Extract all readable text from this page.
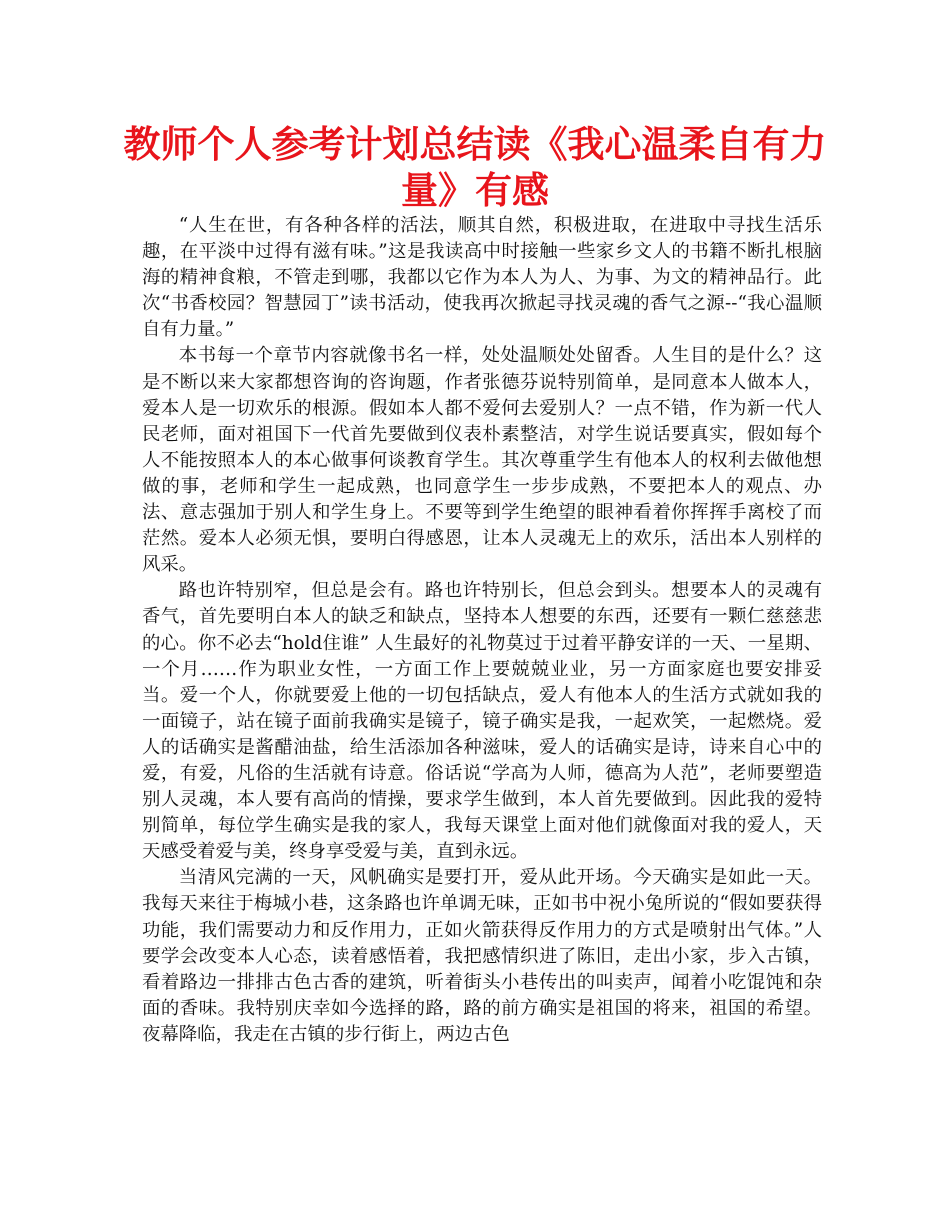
教师个人参考计划总结读《我心温柔自有力量》有感

“人生在世，有各种各样的活法，顺其自然，积极进取，在进取中寻找生活乐趣，在平淡中过得有滋有味。”这是我读高中时接触一些家乡文人的书籍不断扎根脑海的精神食粮，不管走到哪，我都以它作为本人为人、为事、为文的精神品行。此次“书香校园？智慧园丁”读书活动，使我再次掀起寻找灵魂的香气之源--“我心温顺自有力量。”

本书每一个章节内容就像书名一样，处处温顺处处留香。人生目的是什么？这是不断以来大家都想咨询的咨询题，作者张德芬说特别简单，是同意本人做本人，爱本人是一切欢乐的根源。假如本人都不爱何去爱别人？一点不错，作为新一代人民老师，面对祖国下一代首先要做到仪表朴素整洁，对学生说话要真实，假如每个人不能按照本人的本心做事何谈教育学生。其次尊重学生有他本人的权利去做他想做的事，老师和学生一起成熟，也同意学生一步步成熟，不要把本人的观点、办法、意志强加于别人和学生身上。不要等到学生绝望的眼神看着你挥挥手离校了而茫然。爱本人必须无惧，要明白得感恩，让本人灵魂无上的欢乐，活出本人别样的风采。

路也许特别窄，但总是会有。路也许特别长，但总会到头。想要本人的灵魂有香气，首先要明白本人的缺乏和缺点，坚持本人想要的东西，还要有一颗仁慈慈悲的心。你不必去“hold住谁” 人生最好的礼物莫过于过着平静安详的一天、一星期、一个月……作为职业女性，一方面工作上要兢兢业业，另一方面家庭也要安排妥当。爱一个人，你就要爱上他的一切包括缺点，爱人有他本人的生活方式就如我的一面镜子，站在镜子面前我确实是镜子，镜子确实是我，一起欢笑，一起燃烧。爱人的话确实是酱醋油盐，给生活添加各种滋味，爱人的话确实是诗，诗来自心中的爱，有爱，凡俗的生活就有诗意。俗话说“学高为人师，德高为人范”，老师要塑造别人灵魂，本人要有高尚的情操，要求学生做到，本人首先要做到。因此我的爱特别简单，每位学生确实是我的家人，我每天课堂上面对他们就像面对我的爱人，天天感受着爱与美，终身享受爱与美，直到永远。

当清风完满的一天，风帆确实是要打开，爱从此开场。今天确实是如此一天。我每天来往于梅城小巷，这条路也许单调无味，正如书中祝小兔所说的“假如要获得功能，我们需要动力和反作用力，正如火箭获得反作用力的方式是喷射出气体。”人要学会改变本人心态，读着感悟着，我把感情织进了陈旧，走出小家，步入古镇，看着路边一排排古色古香的建筑，听着街头小巷传出的叫卖声，闻着小吃馄饨和杂面的香味。我特别庆幸如今选择的路，路的前方确实是祖国的将来，祖国的希望。夜幕降临，我走在古镇的步行街上，两边古色
